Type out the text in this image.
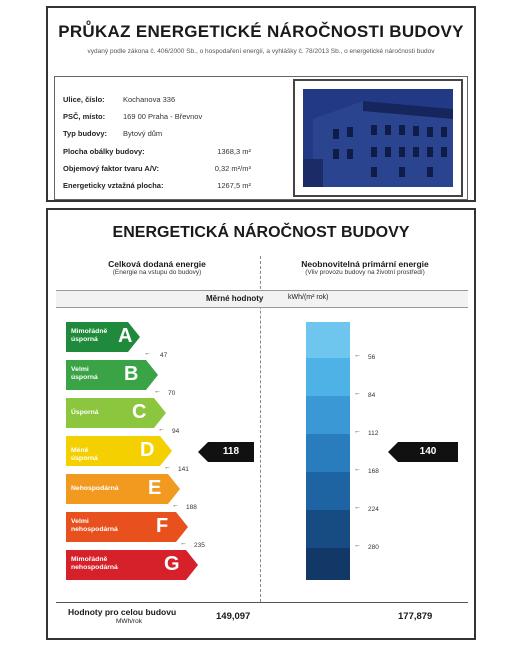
PRŮKAZ ENERGETICKÉ NÁROČNOSTI BUDOVY
vydaný podle zákona č. 406/2000 Sb., o hospodaření energií, a vyhlášky č. 78/2013 Sb., o energetické náročnosti budov
Ulice, číslo: Kochanova 336
PSČ, místo: 169 00 Praha - Břevnov
Typ budovy: Bytový dům
Plocha obálky budovy:	1368,3 m²
Objemový faktor tvaru A/V:	0,32 m²/m³
Energeticky vztažná plocha:	1267,5 m²
ENERGETICKÁ NÁROČNOST BUDOVY
Celková dodaná energie
(Energie na vstupu do budovy)
Neobnovitelná primární energie
(Vliv provozu budovy na životní prostředí)
Měrné hodnoty	kWh/(m² rok)
Mimořádně
úsporná	A
Velmi
úsporná B
Úsporná C
Méně úsporná D
Nehospodárná E
Velmi
nehospodárná F
Mimořádně
nehospodárná G
← 47
← 70
← 94
← 141
← 188
← 235
118
← 56
← 84
← 112
← 168
← 224
← 280
140
Hodnoty pro celou budovu
MWh/rok	149,097	177,879
